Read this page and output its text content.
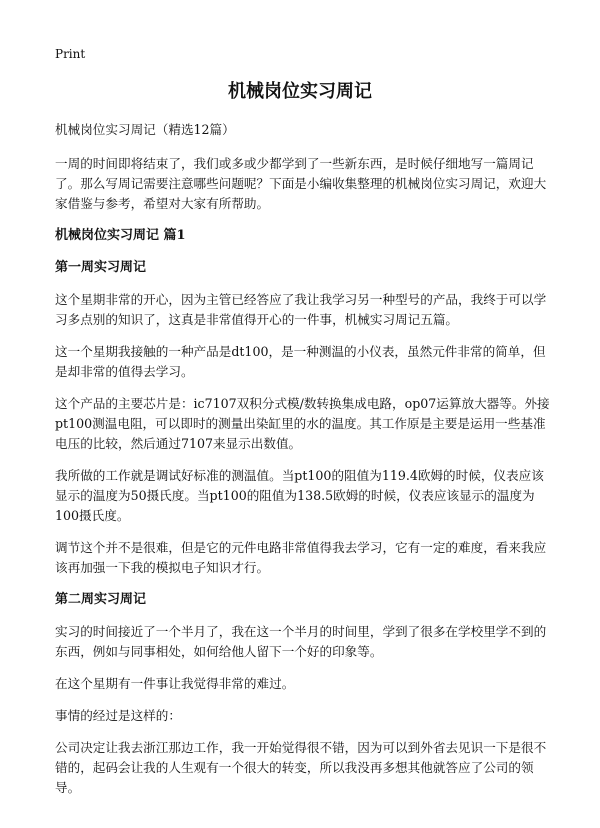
Print
机械岗位实习周记

机械岗位实习周记（精选12篇）

一周的时间即将结束了，我们或多或少都学到了一些新东西，是时候仔细地写一篇周记了。那么写周记需要注意哪些问题呢？下面是小编收集整理的机械岗位实习周记，欢迎大家借鉴与参考，希望对大家有所帮助。

机械岗位实习周记 篇1
第一周实习周记

这个星期非常的开心，因为主管已经答应了我让我学习另一种型号的产品，我终于可以学习多点别的知识了，这真是非常值得开心的一件事，机械实习周记五篇。

这一个星期我接触的一种产品是dt100，是一种测温的小仪表，虽然元件非常的简单，但是却非常的值得去学习。

这个产品的主要芯片是：ic7107双积分式模/数转换集成电路，op07运算放大器等。外接pt100测温电阻，可以即时的测量出染缸里的水的温度。其工作原是主要是运用一些基准电压的比较，然后通过7107来显示出数值。

我所做的工作就是调试好标准的测温值。当pt100的阻值为119.4欧姆的时候，仪表应该显示的温度为50摄氏度。当pt100的阻值为138.5欧姆的时候，仪表应该显示的温度为100摄氏度。

调节这个并不是很难，但是它的元件电路非常值得我去学习，它有一定的难度，看来我应该再加强一下我的模拟电子知识才行。

第二周实习周记

实习的时间接近了一个半月了，我在这一个半月的时间里，学到了很多在学校里学不到的东西，例如与同事相处，如何给他人留下一个好的印象等。

在这个星期有一件事让我觉得非常的难过。

事情的经过是这样的：

公司决定让我去浙江那边工作，我一开始觉得很不错，因为可以到外省去见识一下是很不错的，起码会让我的人生观有一个很大的转变，所以我没再多想其他就答应了公司的领导。
